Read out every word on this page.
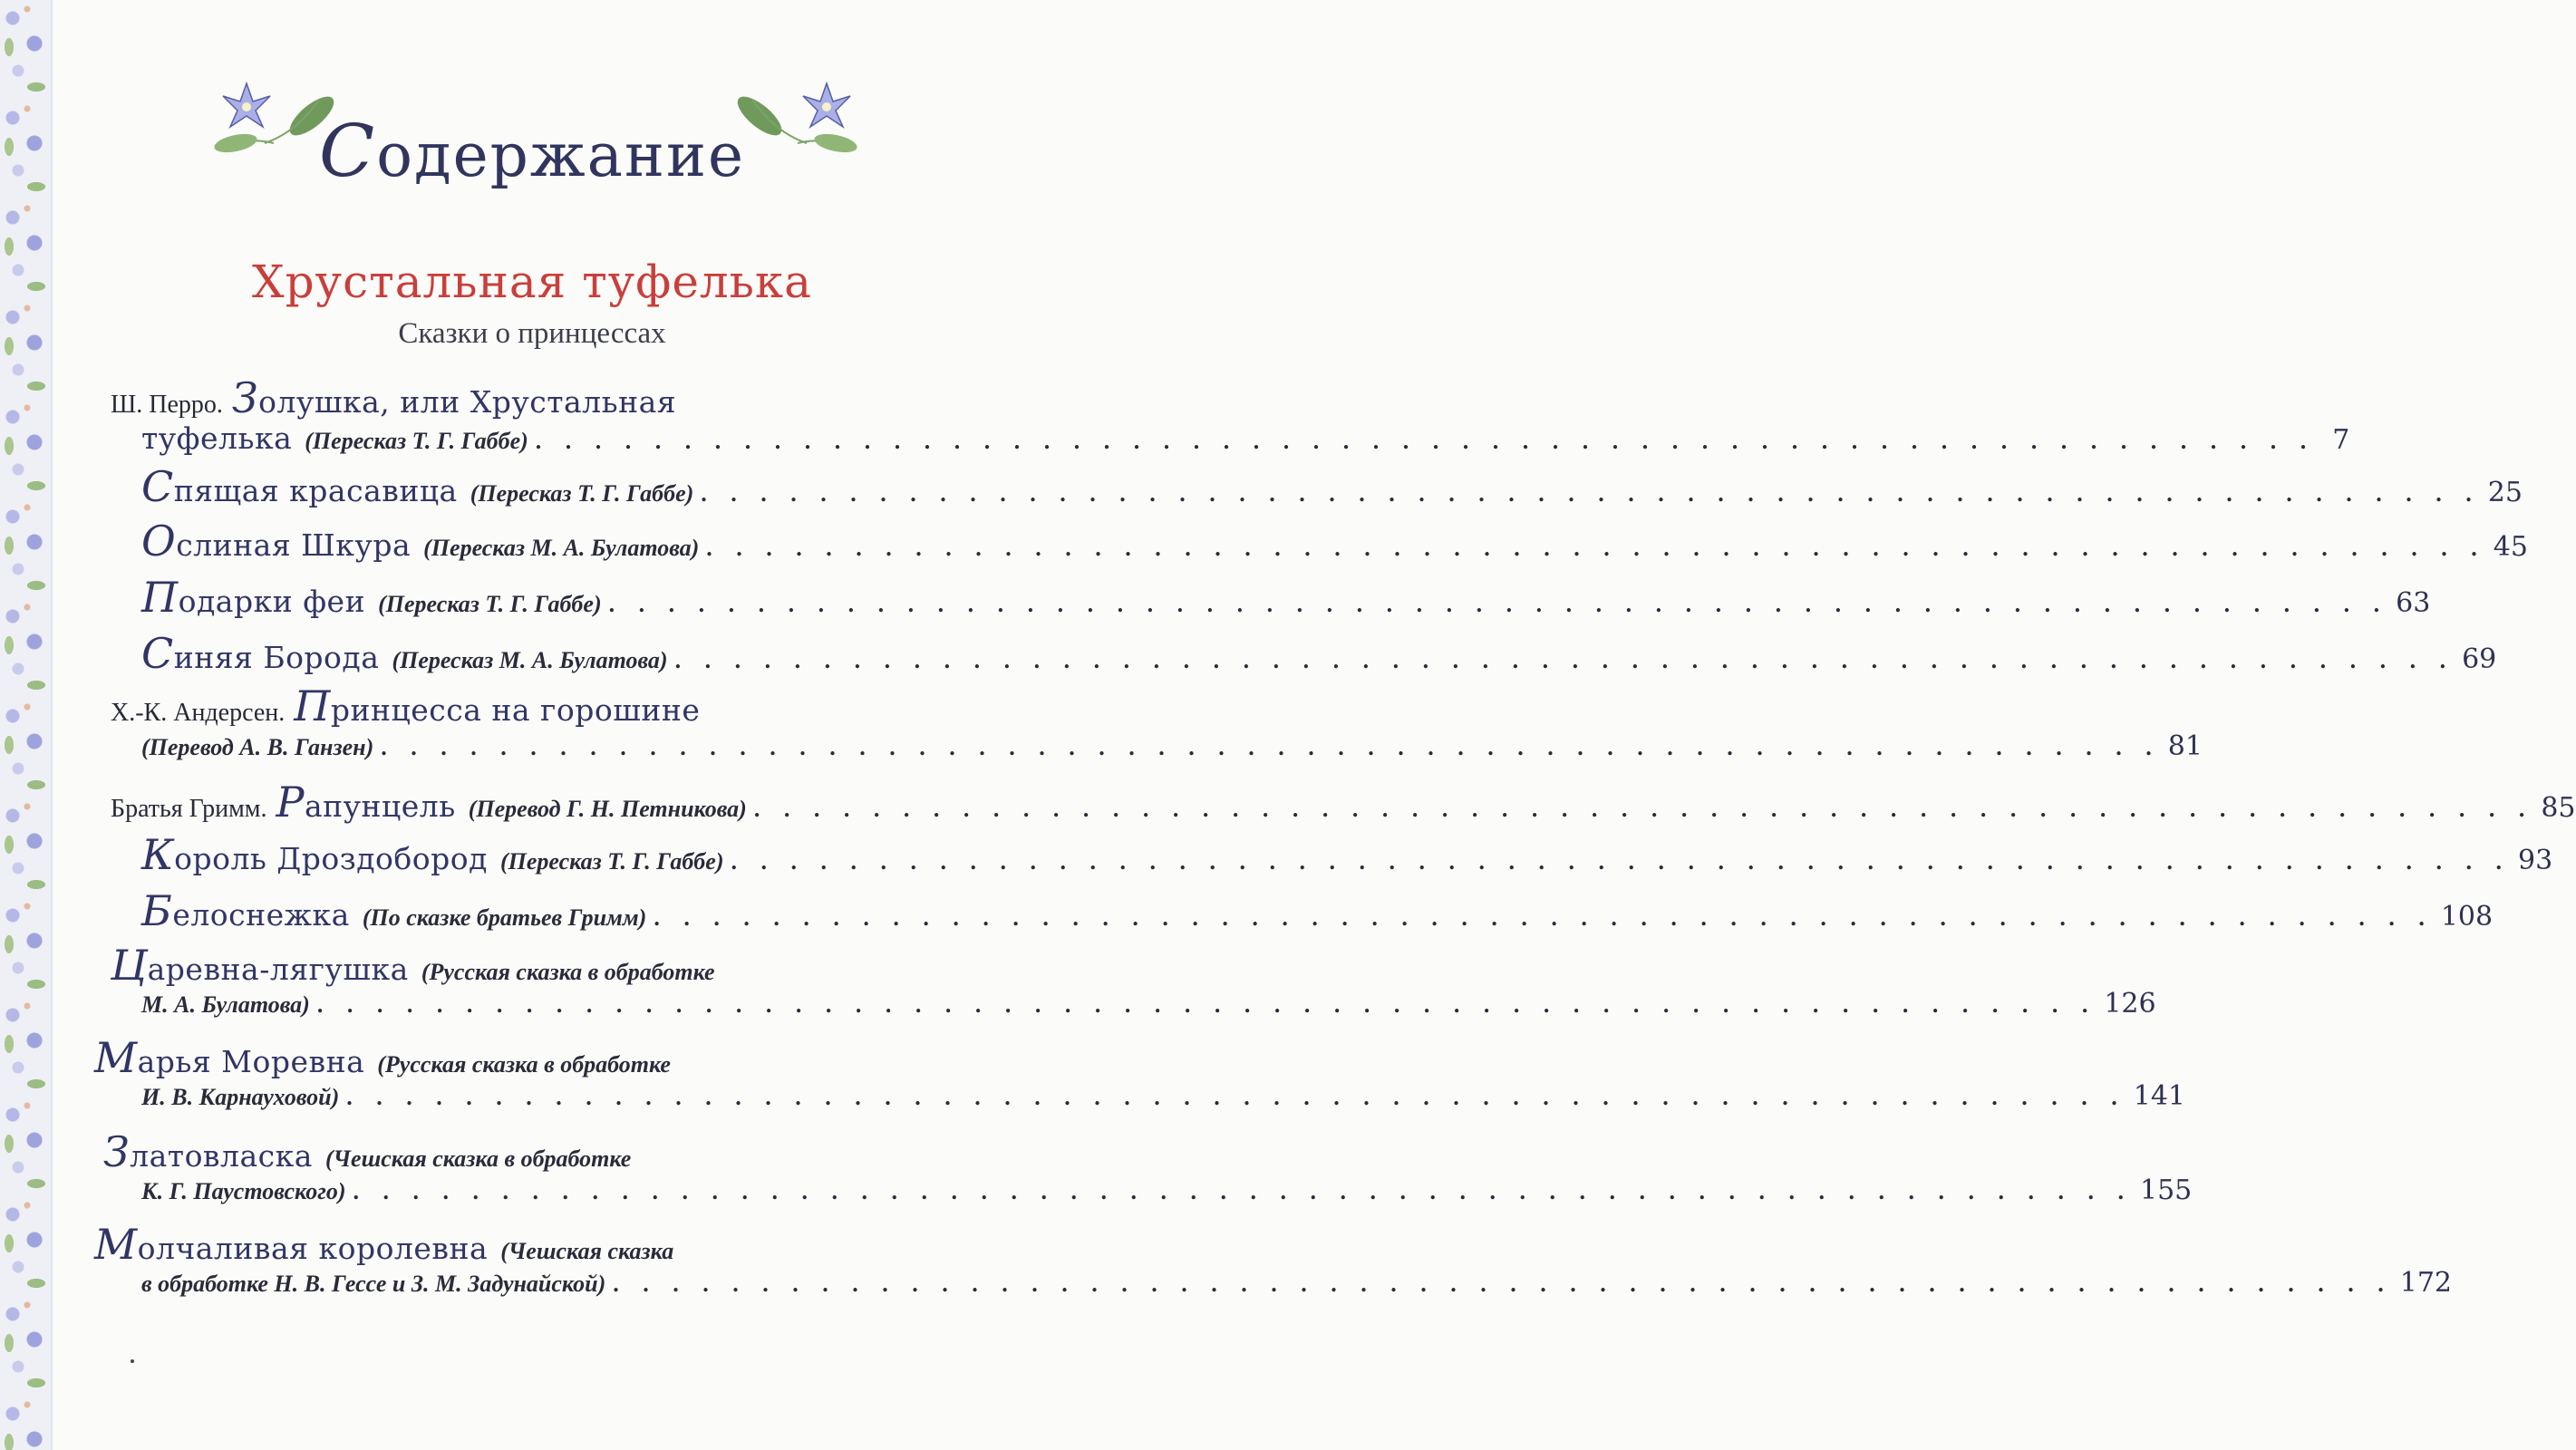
Содержание
Хрустальная туфелька
Сказки о принцессах
Ш. Перро. Золушка, или Хрустальная
туфелька (Пересказ Т. Г. Габбе) . . .	7
Спящая красавица (Пересказ Т. Г. Габбе) . . .	25
Ослиная Шкура (Пересказ М. А. Булатова) . . .	45
Подарки феи (Пересказ Т. Г. Габбе) . . .	63
Синяя Борода (Пересказ М. А. Булатова) . . .	69
Х.-К. Андерсен. Принцесса на горошине
(Перевод А. В. Ганзен) . . .	81
Братья Гримм. Рапунцель (Перевод Г. Н. Петникова) . . .	85
Король Дроздобород (Пересказ Т. Г. Габбе) . . .	93
Белоснежка (По сказке братьев Гримм) . . .	108
Царевна-лягушка (Русская сказка в обработке
М. А. Булатова) . . .	126
Марья Моревна (Русская сказка в обработке
И. В. Карнауховой) . . .	141
Златовласка (Чешская сказка в обработке
К. Г. Паустовского) . . .	155
Молчаливая королевна (Чешская сказка
в обработке Н. В. Гессе и З. М. Задунайской) . . .	172
